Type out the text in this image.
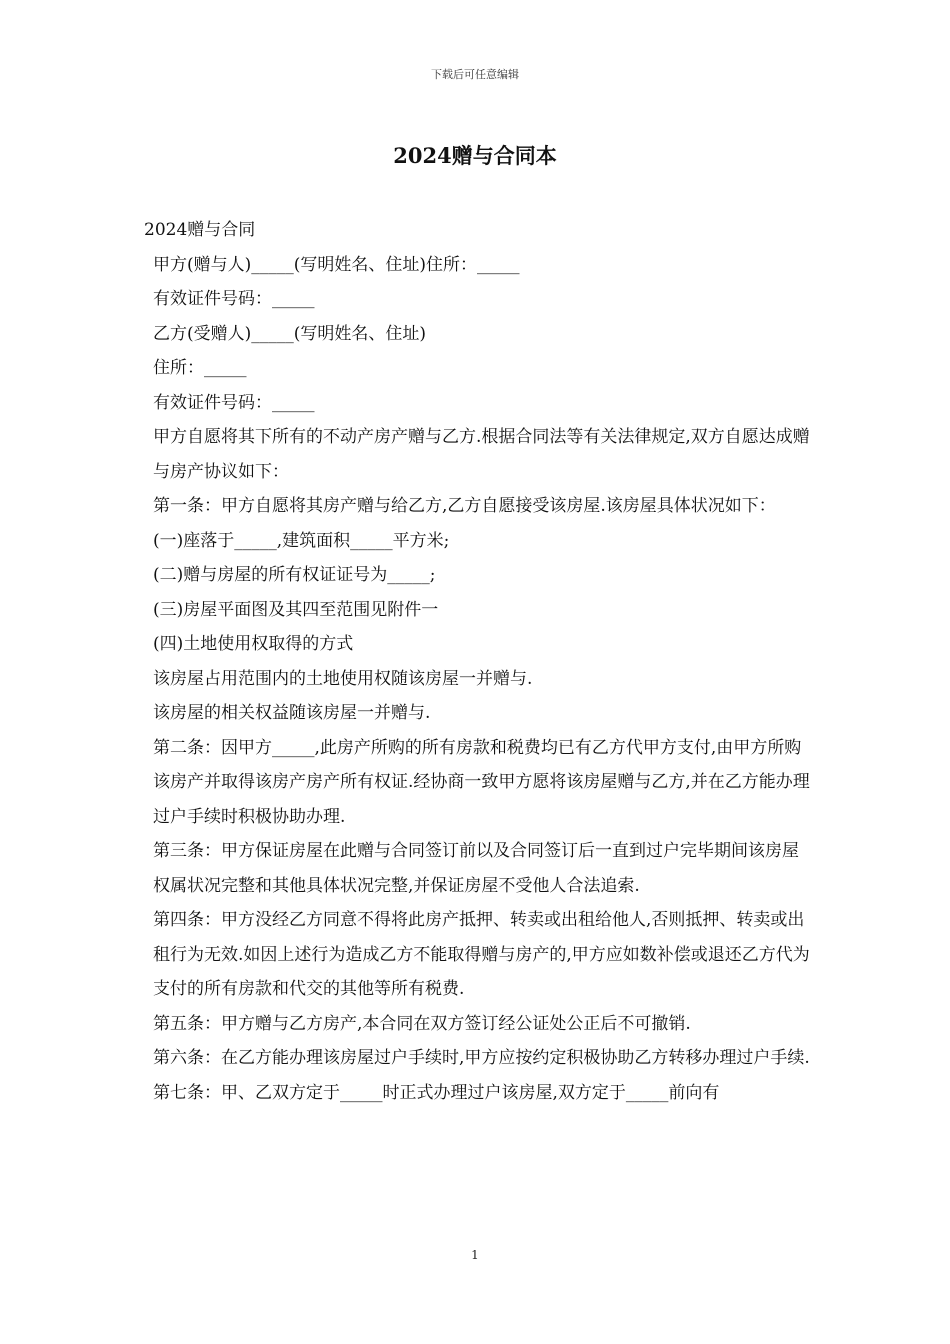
下载后可任意编辑
2024赠与合同本

2024赠与合同

甲方(赠与人)_____(写明姓名、住址)住所：_____

有效证件号码：_____

乙方(受赠人)_____(写明姓名、住址)

住所：_____

有效证件号码：_____

甲方自愿将其下所有的不动产房产赠与乙方.根据合同法等有关法律规定,双方自愿达成赠与房产协议如下：

第一条：甲方自愿将其房产赠与给乙方,乙方自愿接受该房屋.该房屋具体状况如下：

(一)座落于_____,建筑面积_____平方米;

(二)赠与房屋的所有权证证号为_____;

(三)房屋平面图及其四至范围见附件一

(四)土地使用权取得的方式

该房屋占用范围内的土地使用权随该房屋一并赠与.

该房屋的相关权益随该房屋一并赠与.

第二条：因甲方_____,此房产所购的所有房款和税费均已有乙方代甲方支付,由甲方所购该房产并取得该房产房产所有权证.经协商一致甲方愿将该房屋赠与乙方,并在乙方能办理过户手续时积极协助办理.

第三条：甲方保证房屋在此赠与合同签订前以及合同签订后一直到过户完毕期间该房屋权属状况完整和其他具体状况完整,并保证房屋不受他人合法追索.

第四条：甲方没经乙方同意不得将此房产抵押、转卖或出租给他人,否则抵押、转卖或出租行为无效.如因上述行为造成乙方不能取得赠与房产的,甲方应如数补偿或退还乙方代为支付的所有房款和代交的其他等所有税费.

第五条：甲方赠与乙方房产,本合同在双方签订经公证处公正后不可撤销.

第六条：在乙方能办理该房屋过户手续时,甲方应按约定积极协助乙方转移办理过户手续.

第七条：甲、乙双方定于_____时正式办理过户该房屋,双方定于_____前向有

1
